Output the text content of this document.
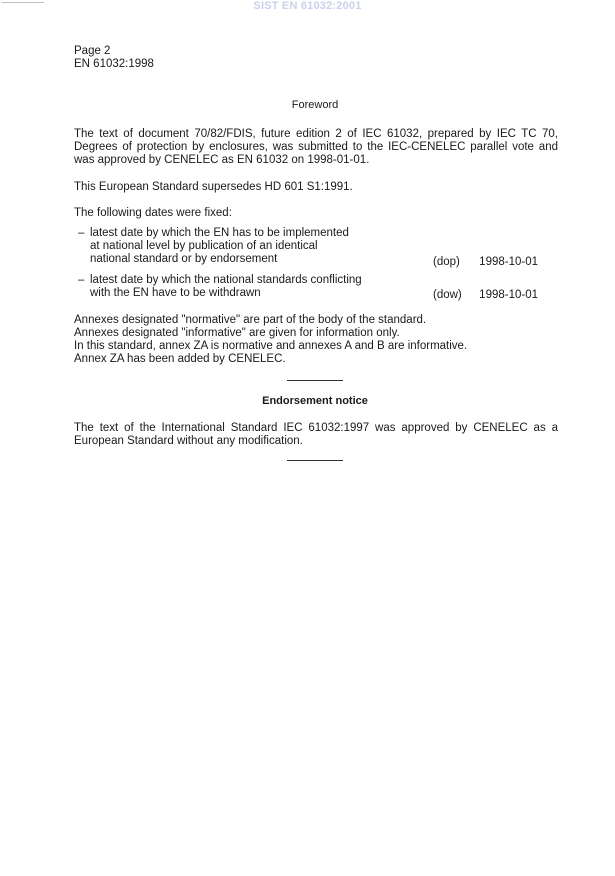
SIST EN 61032:2001
Page 2
EN 61032:1998
Foreword
The text of document 70/82/FDIS, future edition 2 of IEC 61032, prepared by IEC TC 70, Degrees of protection by enclosures, was submitted to the IEC-CENELEC parallel vote and was approved by CENELEC as EN 61032 on 1998-01-01.
This European Standard supersedes HD 601 S1:1991.
The following dates were fixed:
– latest date by which the EN has to be implemented
at national level by publication of an identical
national standard or by endorsement	(dop)	1998-10-01
– latest date by which the national standards conflicting
with the EN have to be withdrawn	(dow)	1998-10-01
Annexes designated "normative" are part of the body of the standard.
Annexes designated "informative" are given for information only.
In this standard, annex ZA is normative and annexes A and B are informative.
Annex ZA has been added by CENELEC.
Endorsement notice
The text of the International Standard IEC 61032:1997 was approved by CENELEC as a European Standard without any modification.
